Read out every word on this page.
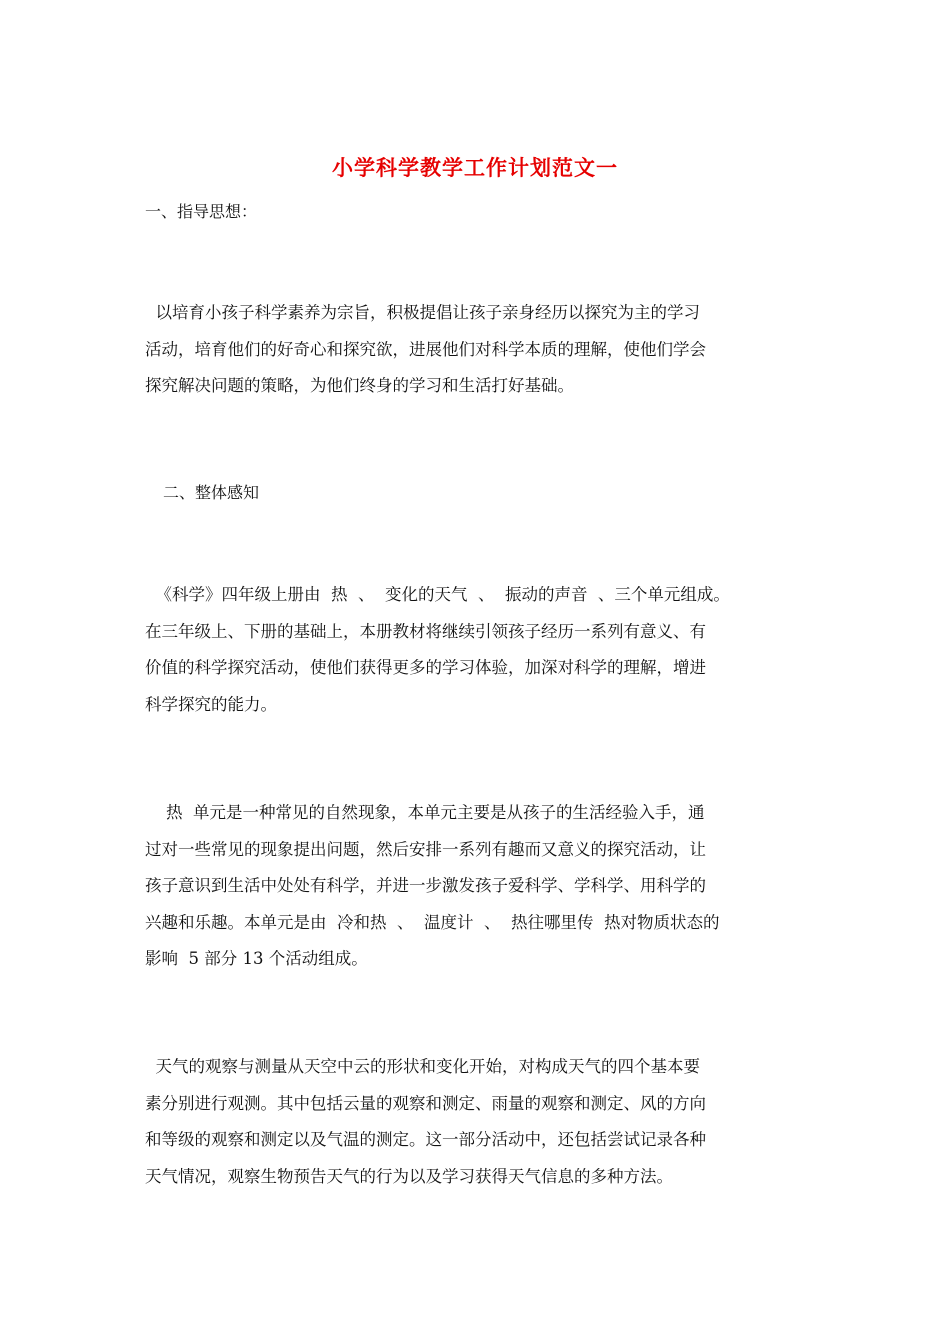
小学科学教学工作计划范文一
一、指导思想：
以培育小孩子科学素养为宗旨，积极提倡让孩子亲身经历以探究为主的学习
活动，培育他们的好奇心和探究欲，进展他们对科学本质的理解，使他们学会
探究解决问题的策略，为他们终身的学习和生活打好基础。
二、整体感知
《科学》四年级上册由  热  、  变化的天气  、  振动的声音  、三个单元组成。
在三年级上、下册的基础上，本册教材将继续引领孩子经历一系列有意义、有
价值的科学探究活动，使他们获得更多的学习体验，加深对科学的理解，增进
科学探究的能力。
热  单元是一种常见的自然现象，本单元主要是从孩子的生活经验入手，通
过对一些常见的现象提出问题，然后安排一系列有趣而又意义的探究活动，让
孩子意识到生活中处处有科学，并进一步激发孩子爱科学、学科学、用科学的
兴趣和乐趣。本单元是由  冷和热  、  温度计  、  热往哪里传  热对物质状态的
影响  5 部分 13 个活动组成。
天气的观察与测量从天空中云的形状和变化开始，对构成天气的四个基本要
素分别进行观测。其中包括云量的观察和测定、雨量的观察和测定、风的方向
和等级的观察和测定以及气温的测定。这一部分活动中，还包括尝试记录各种
天气情况，观察生物预告天气的行为以及学习获得天气信息的多种方法。
